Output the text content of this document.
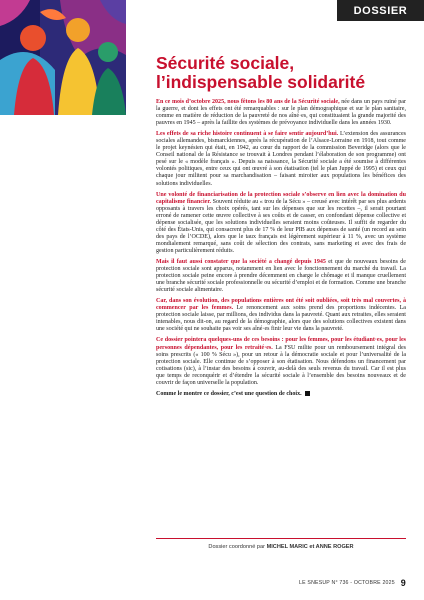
DOSSIER
Sécurité sociale,
l’indispensable solidarité

En ce mois d’octobre 2025, nous fêtons les 80 ans de la Sécurité sociale, née dans un pays ruiné par la guerre, et dont les effets ont été remarquables : sur le plan démographique et sur le plan sanitaire, comme en matière de réduction de la pauvreté de nos aîné·es, qui constituaient la grande majorité des pauvres en 1945 – après la faillite des systèmes de prévoyance individuelle dans les années 1930.

Les effets de sa riche histoire continuent à se faire sentir aujourd’hui. L’extension des assurances sociales allemandes, bismarckiennes, après la récupération de l’Alsace-Lorraine en 1918, tout comme le projet keynésien qui était, en 1942, au cœur du rapport de la commission Beveridge (alors que le Conseil national de la Résistance se trouvait à Londres pendant l’élaboration de son programme) ont pesé sur le « modèle français ». Depuis sa naissance, la Sécurité sociale a été soumise à différentes volontés politiques, entre ceux qui ont œuvré à son étatisation (tel le plan Juppé de 1995) et ceux qui chaque jour militent pour sa marchandisation – faisant miroiter aux populations les bénéfices des solutions individuelles.

Une volonté de financiarisation de la protection sociale s’observe en lien avec la domination du capitalisme financier. Souvent réduite au « trou de la Sécu » – creusé avec intérêt par ses plus ardents opposants à travers les choix opérés, tant sur les dépenses que sur les recettes –, il serait pourtant erroné de ramener cette œuvre collective à ses coûts et de casser, en confondant dépense collective et dépense socialisée, que les solutions individuelles seraient moins coûteuses. Il suffit de regarder du côté des États-Unis, qui consacrent plus de 17 % de leur PIB aux dépenses de santé (un record au sein des pays de l’OCDE), alors que le taux français est légèrement supérieur à 11 %, avec un système mondialement remarqué, sans coût de sélection des contrats, sans marketing et avec des frais de gestion particulièrement réduits.

Mais il faut aussi constater que la société a changé depuis 1945 et que de nouveaux besoins de protection sociale sont apparus, notamment en lien avec le fonctionnement du marché du travail. La protection sociale peine encore à prendre décemment en charge le chômage et il manque cruellement une branche sécurité sociale professionnelle ou sécurité d’emploi et de formation. Comme une branche sécurité sociale alimentaire.

Car, dans son évolution, des populations entières ont été soit oubliées, soit très mal couvertes, à commencer par les femmes. Le renoncement aux soins prend des proportions indécentes. La protection sociale laisse, par millions, des individus dans la pauvreté. Quant aux retraites, elles seraient intenables, nous dit-on, au regard de la démographie, alors que des solutions collectives existent dans une société qui ne souhaite pas voir ses aîné·es finir leur vie dans la pauvreté.

Ce dossier pointera quelques-uns de ces besoins : pour les femmes, pour les étudiant·es, pour les personnes dépendantes, pour les retraité·es. La FSU milite pour un remboursement intégral des soins prescrits (« 100 % Sécu »), pour un retour à la démocratie sociale et pour l’universalité de la protection sociale. Elle continue de s’opposer à son étatisation. Nous défendons un financement par cotisations (sic), à l’instar des besoins à couvrir, au-delà des seuls revenus du travail. Car il est plus que temps de reconquérir et d’étendre la sécurité sociale à l’ensemble des besoins nouveaux et de couvrir de façon universelle la population.

Comme le montre ce dossier, c’est une question de choix.

Dossier coordonné par MICHEL MARIC et ANNE ROGER
LE SNESUP N° 736 - OCTOBRE 2025 9
